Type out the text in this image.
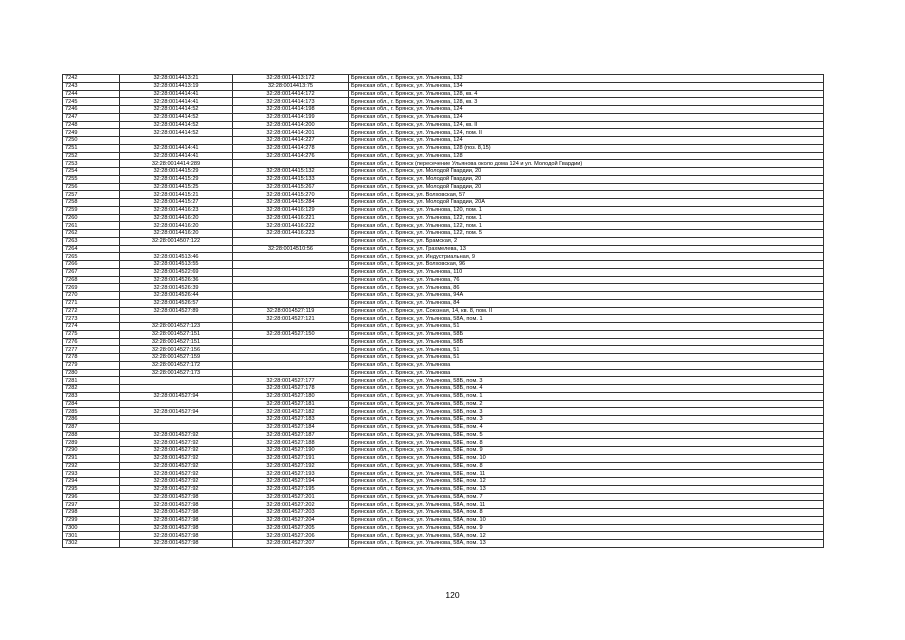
7242	32:28:0014413:21	32:28:0014413:172	Брянская обл., г. Брянск, ул. Ульянова, 132
7243	32:28:0014413:19	32:28:0014413:75	Брянская обл., г. Брянск, ул. Ульянова, 134
7244	32:28:0014414:41	32:28:0014414:172	Брянская обл., г. Брянск, ул. Ульянова, 128, кв. 4
7245	32:28:0014414:41	32:28:0014414:173	Брянская обл., г. Брянск, ул. Ульянова, 128, кв. 3
7246	32:28:0014414:52	32:28:0014414:198	Брянская обл., г. Брянск, ул. Ульянова, 124
7247	32:28:0014414:52	32:28:0014414:199	Брянская обл., г. Брянск, ул. Ульянова, 124
7248	32:28:0014414:52	32:28:0014414:200	Брянская обл., г. Брянск, ул. Ульянова, 124, кв. II
7249	32:28:0014414:52	32:28:0014414:201	Брянская обл., г. Брянск, ул. Ульянова, 124, пом. II
7250		32:28:0014414:227	Брянская обл., г. Брянск, ул. Ульянова, 124
7251	32:28:0014414:41	32:28:0014414:278	Брянская обл., г. Брянск, ул. Ульянова, 128 (поз. 8,15)
7252	32:28:0014414:41	32:28:0014414:276	Брянская обл., г. Брянск, ул. Ульянова, 128
7253	32:28:0014414:289		Брянская обл., г. Брянск (пересечение Ульянова около дома 124 и ул. Молодой Гвардии)
7254	32:28:0014415:29	32:28:0014415:132	Брянская обл., г. Брянск, ул. Молодой Гвардии, 20
7255	32:28:0014415:29	32:28:0014415:133	Брянская обл., г. Брянск, ул. Молодой Гвардии, 20
7256	32:28:0014415:25	32:28:0014415:267	Брянская обл., г. Брянск, ул. Молодой Гвардии, 20
7257	32:28:0014415:21	32:28:0014415:270	Брянская обл., г. Брянск, ул. Волховская, 57
7258	32:28:0014415:27	32:28:0014415:284	Брянская обл., г. Брянск, ул. Молодой Гвардии, 20А
7259	32:28:0014416:23	32:28:0014416:129	Брянская обл., г. Брянск, ул. Ульянова, 120, пом. 1
7260	32:28:0014416:20	32:28:0014416:221	Брянская обл., г. Брянск, ул. Ульянова, 122, пом. 1
7261	32:28:0014416:20	32:28:0014416:222	Брянская обл., г. Брянск, ул. Ульянова, 122, пом. 1
7262	32:28:0014416:20	32:28:0014416:223	Брянская обл., г. Брянск, ул. Ульянова, 122, пом. 5
7263	32:28:0014507:122		Брянская обл., г. Брянск, ул. Брамская, 2
7264		32:28:0014510:56	Брянская обл., г. Брянск, ул. Грахмелева, 13
7265	32:28:0014513:46		Брянская обл., г. Брянск, ул. Индустриальная, 9
7266	32:28:0014513:55		Брянская обл., г. Брянск, ул. Волховская, 96
7267	32:28:0014522:69		Брянская обл., г. Брянск, ул. Ульянова, 110
7268	32:28:0014526:36		Брянская обл., г. Брянск, ул. Ульянова, 76
7269	32:28:0014526:39		Брянская обл., г. Брянск, ул. Ульянова, 86
7270	32:28:0014526:44		Брянская обл., г. Брянск, ул. Ульянова, 94А
7271	32:28:0014526:57		Брянская обл., г. Брянск, ул. Ульянова, 84
7272	32:28:0014527:89	32:28:0014527:119	Брянская обл., г. Брянск, ул. Союзная, 14, кв. 8, пом. II
7273		32:28:0014527:121	Брянская обл., г. Брянск, ул. Ульянова, 58А, пом. 1
7274	32:28:0014527:123		Брянская обл., г. Брянск, ул. Ульянова, 51
7275	32:28:0014527:151	32:28:0014527:150	Брянская обл., г. Брянск, ул. Ульянова, 58Б
7276	32:28:0014527:151		Брянская обл., г. Брянск, ул. Ульянова, 58Б
7277	32:28:0014527:156		Брянская обл., г. Брянск, ул. Ульянова, 51
7278	32:28:0014527:159		Брянская обл., г. Брянск, ул. Ульянова, 51
7279	32:28:0014527:172		Брянская обл., г. Брянск, ул. Ульянова
7280	32:28:0014527:173		Брянская обл., г. Брянск, ул. Ульянова
7281		32:28:0014527:177	Брянская обл., г. Брянск, ул. Ульянова, 58Б, пом. 3
7282		32:28:0014527:178	Брянская обл., г. Брянск, ул. Ульянова, 58Б, пом. 4
7283	32:28:0014527:94	32:28:0014527:180	Брянская обл., г. Брянск, ул. Ульянова, 58Б, пом. 1
7284		32:28:0014527:181	Брянская обл., г. Брянск, ул. Ульянова, 58Б, пом. 2
7285	32:28:0014527:94	32:28:0014527:182	Брянская обл., г. Брянск, ул. Ульянова, 58Б, пом. 3
7286		32:28:0014527:183	Брянская обл., г. Брянск, ул. Ульянова, 58Е, пом. 3
7287		32:28:0014527:184	Брянская обл., г. Брянск, ул. Ульянова, 58Е, пом. 4
7288	32:28:0014527:92	32:28:0014527:187	Брянская обл., г. Брянск, ул. Ульянова, 58Е, пом. 5
7289	32:28:0014527:92	32:28:0014527:188	Брянская обл., г. Брянск, ул. Ульянова, 58Е, пом. 8
7290	32:28:0014527:92	32:28:0014527:190	Брянская обл., г. Брянск, ул. Ульянова, 58Е, пом. 9
7291	32:28:0014527:92	32:28:0014527:191	Брянская обл., г. Брянск, ул. Ульянова, 58Е, пом. 10
7292	32:28:0014527:92	32:28:0014527:192	Брянская обл., г. Брянск, ул. Ульянова, 58Е, пом. 8
7293	32:28:0014527:92	32:28:0014527:193	Брянская обл., г. Брянск, ул. Ульянова, 58Е, пом. 11
7294	32:28:0014527:92	32:28:0014527:194	Брянская обл., г. Брянск, ул. Ульянова, 58Е, пом. 12
7295	32:28:0014527:92	32:28:0014527:195	Брянская обл., г. Брянск, ул. Ульянова, 58Е, пом. 13
7296	32:28:0014527:98	32:28:0014527:201	Брянская обл., г. Брянск, ул. Ульянова, 58А, пом. 7
7297	32:28:0014527:98	32:28:0014527:202	Брянская обл., г. Брянск, ул. Ульянова, 58А, пом. 11
7298	32:28:0014527:98	32:28:0014527:203	Брянская обл., г. Брянск, ул. Ульянова, 58А, пом. 8
7299	32:28:0014527:98	32:28:0014527:204	Брянская обл., г. Брянск, ул. Ульянова, 58А, пом. 10
7300	32:28:0014527:98	32:28:0014527:205	Брянская обл., г. Брянск, ул. Ульянова, 58А, пом. 9
7301	32:28:0014527:98	32:28:0014527:206	Брянская обл., г. Брянск, ул. Ульянова, 58А, пом. 12
7302	32:28:0014527:98	32:28:0014527:207	Брянская обл., г. Брянск, ул. Ульянова, 58А, пом. 13
120
